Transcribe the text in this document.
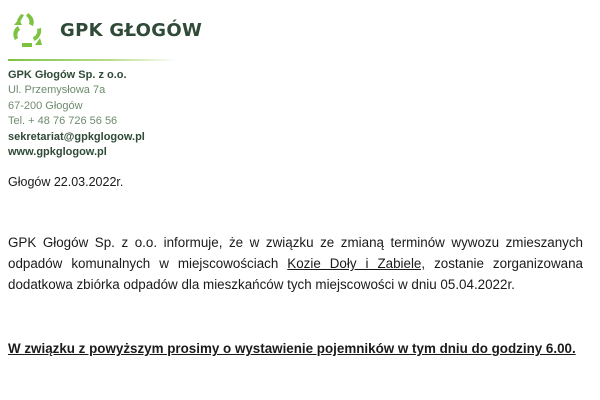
GPK GŁOGÓW
GPK Głogów Sp. z o.o.
Ul. Przemysłowa 7a
67-200 Głogów
Tel. + 48 76 726 56 56
sekretariat@gpkglogow.pl
www.gpkglogow.pl
Głogów 22.03.2022r.

GPK Głogów Sp. z o.o. informuje, że w związku ze zmianą terminów wywozu zmieszanych odpadów komunalnych w miejscowościach Kozie Doły i Zabiele, zostanie zorganizowana dodatkowa zbiórka odpadów dla mieszkańców tych miejscowości w dniu 05.04.2022r.

W związku z powyższym prosimy o wystawienie pojemników w tym dniu do godziny 6.00.
